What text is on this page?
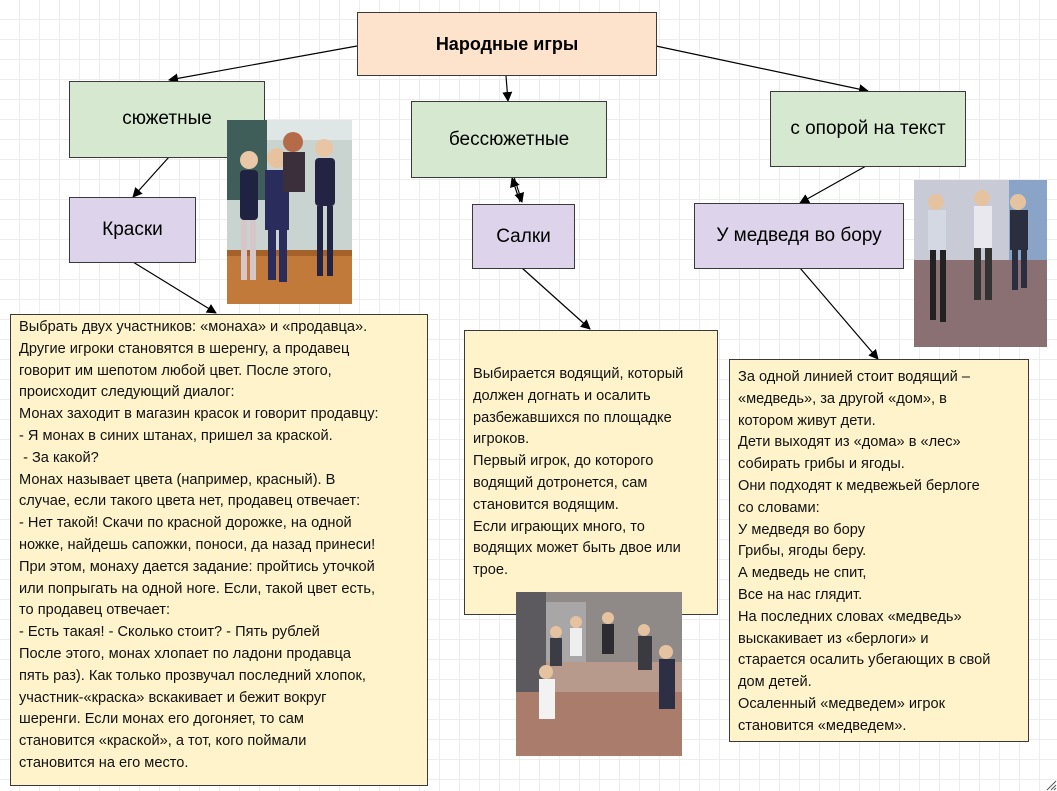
Народные игры
сюжетные
бессюжетные	с опорой на текст
Краски	Салки	У медведя во бору

Выбрать двух участников: «монаха» и «продавца».

Другие игроки становятся в шеренгу, а продавец

говорит им шепотом любой цвет. После этого,

происходит следующий диалог:

Монах заходит в магазин красок и говорит продавцу:

- Я монах в синих штанах, пришел за краской.

- За какой?

Монах называет цвета (например, красный). В

случае, если такого цвета нет, продавец отвечает:

- Нет такой! Скачи по красной дорожке, на одной

ножке, найдешь сапожки, поноси, да назад принеси!

При этом, монаху дается задание: пройтись уточкой

или попрыгать на одной ноге. Если, такой цвет есть,

то продавец отвечает:

- Есть такая! - Сколько стоит? - Пять рублей

После этого, монах хлопает по ладони продавца

пять раз). Как только прозвучал последний хлопок,

участник-«краска» вскакивает и бежит вокруг

шеренги. Если монах его догоняет, то сам

становится «краской», а тот, кого поймали

становится на его место.

Выбирается водящий, который

должен догнать и осалить

разбежавшихся по площадке

игроков.

Первый игрок, до которого

водящий дотронется, сам

становится водящим.

Если играющих много, то

водящих может быть двое или

трое.

За одной линией стоит водящий –

«медведь», за другой «дом», в

котором живут дети.

Дети выходят из «дома» в «лес»

собирать грибы и ягоды.

Они подходят к медвежьей берлоге

со словами:

У медведя во бору

Грибы, ягоды беру.

А медведь не спит,

Все на нас глядит.

На последних словах «медведь»

выскакивает из «берлоги» и

старается осалить убегающих в свой

дом детей.

Осаленный «медведем» игрок

становится «медведем».
